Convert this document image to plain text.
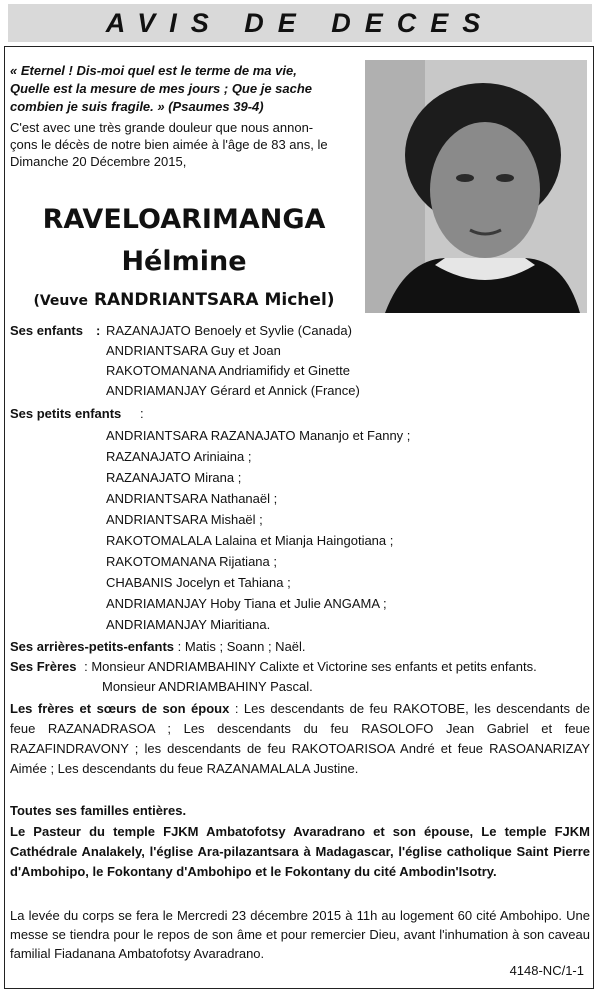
AVIS DE DECES
« Eternel ! Dis-moi quel est le terme de ma vie,
Quelle est la mesure de mes jours ; Que je sache
combien je suis fragile. » (Psaumes 39-4)
C'est avec une très grande douleur que nous annon-
çons le décès de notre bien aimée à l'âge de 83 ans, le
Dimanche 20 Décembre 2015,
RAVELOARIMANGA
Hélmine
(Veuve RANDRIANTSARA Michel)
Ses enfants : RAZANAJATO Benoely et Syvlie (Canada)
ANDRIANTSARA Guy et Joan
RAKOTOMANANA Andriamifidy et Ginette
ANDRIAMANJAY Gérard et Annick (France)
Ses petits enfants :
ANDRIANTSARA RAZANAJATO Mananjo et Fanny ;
RAZANAJATO Ariniaina ;
RAZANAJATO Mirana ;
ANDRIANTSARA Nathanaël ;
ANDRIANTSARA Mishaël ;
RAKOTOMALALA Lalaina et Mianja Haingotiana ;
RAKOTOMANANA Rijatiana ;
CHABANIS Jocelyn et Tahiana ;
ANDRIAMANJAY Hoby Tiana et Julie ANGAMA ;
ANDRIAMANJAY Miaritiana.
Ses arrières-petits-enfants : Matis ; Soann ; Naël.
Ses Frères : Monsieur ANDRIAMBAHINY Calixte et Victorine ses enfants et petits enfants.
Monsieur ANDRIAMBAHINY Pascal.
Les frères et sœurs de son époux : Les descendants de feu RAKOTOBE, les descendants de feue RAZANADRASOA ; Les descendants du feu RASOLOFO Jean Gabriel et feue RAZAFINDRAVONY ; les descendants de feu RAKOTOARISOA André et feue RASOANARIZAY Aimée ; Les descendants du feue RAZANAMALALA Justine.
Toutes ses familles entières.
Le Pasteur du temple FJKM Ambatofotsy Avaradrano et son épouse, Le temple FJKM Cathédrale Analakely, l'église Ara-pilazantsara à Madagascar, l'église catholique Saint Pierre d'Ambohipo, le Fokontany d'Ambohipo et le Fokontany du cité Ambodin'Isotry.
La levée du corps se fera le Mercredi 23 décembre 2015 à 11h au logement 60 cité Ambohipo. Une messe se tiendra pour le repos de son âme et pour remercier Dieu, avant l'inhumation à son caveau familial Fiadanana Ambatofotsy Avaradrano.
4148-NC/1-1
